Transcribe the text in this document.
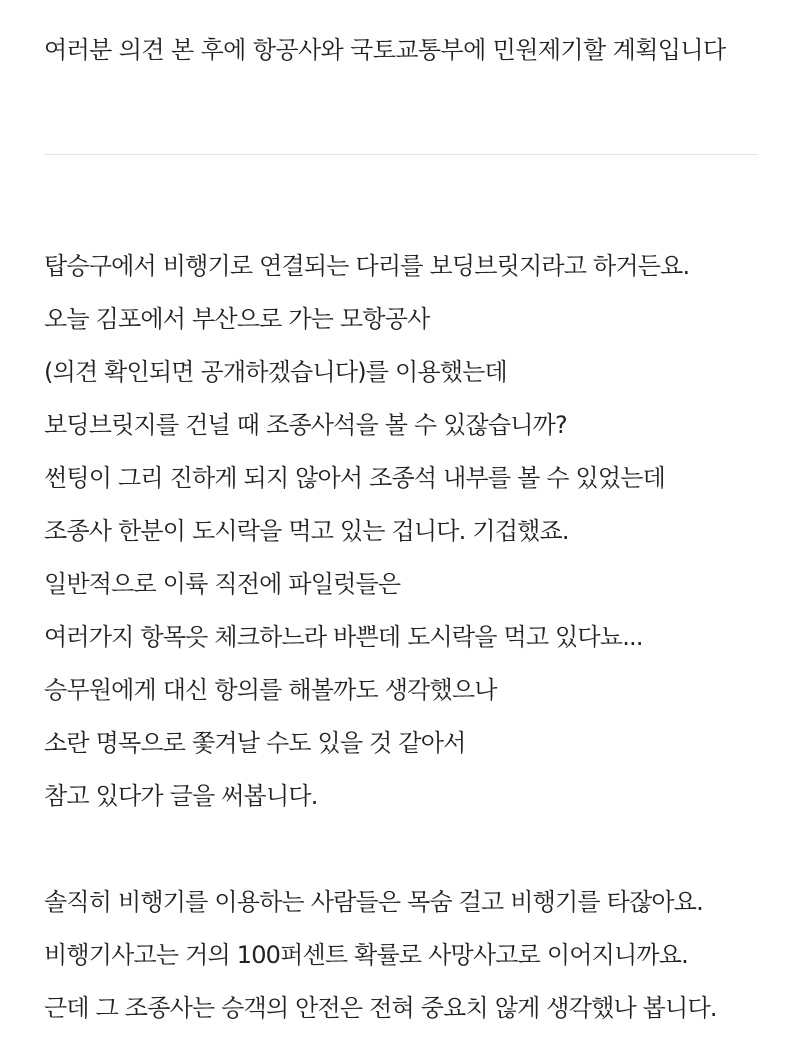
여러분 의견 본 후에 항공사와 국토교통부에 민원제기할 계획입니다
탑승구에서 비행기로 연결되는 다리를 보딩브릿지라고 하거든요.
오늘 김포에서 부산으로 가는 모항공사
(의견 확인되면 공개하겠습니다)를 이용했는데
보딩브릿지를 건널 때 조종사석을 볼 수 있잖습니까?
썬팅이 그리 진하게 되지 않아서 조종석 내부를 볼 수 있었는데
조종사 한분이 도시락을 먹고 있는 겁니다. 기겁했죠.
일반적으로 이륙 직전에 파일럿들은
여러가지 항목읏 체크하느라 바쁜데 도시락을 먹고 있다뇨...
승무원에게 대신 항의를 해볼까도 생각했으나
소란 명목으로 쫓겨날 수도 있을 것 같아서
참고 있다가 글을 써봅니다.
솔직히 비행기를 이용하는 사람들은 목숨 걸고 비행기를 타잖아요.
비행기사고는 거의 100퍼센트 확률로 사망사고로 이어지니까요.
근데 그 조종사는 승객의 안전은 전혀 중요치 않게 생각했나 봅니다.
